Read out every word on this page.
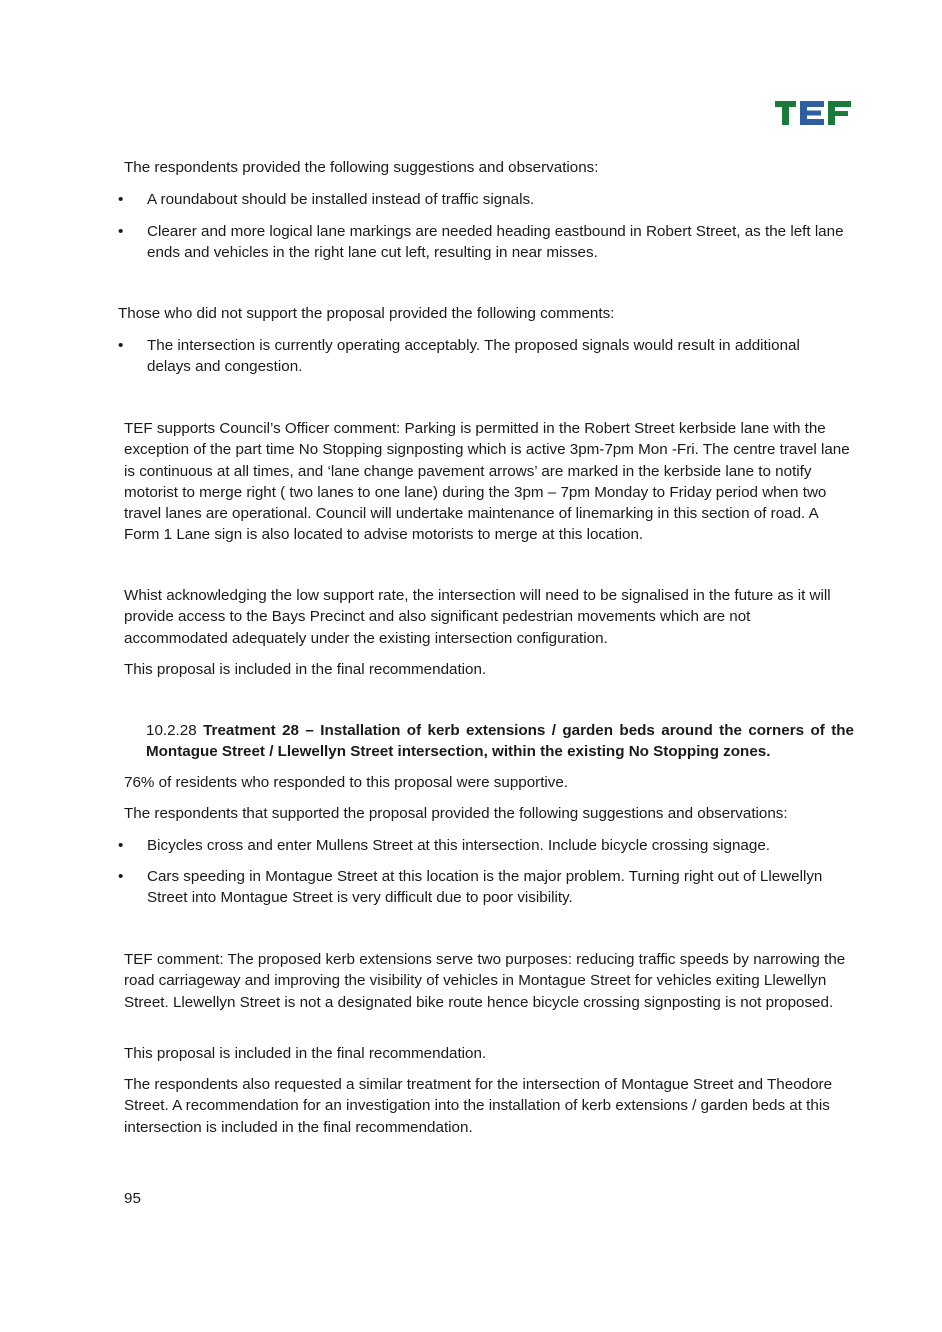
The respondents provided the following suggestions and observations:

•	A roundabout should be installed instead of traffic signals.
•	Clearer and more logical lane markings are needed heading eastbound in Robert Street, as the left lane ends and vehicles in the right lane cut left, resulting in near misses.

Those who did not support the proposal provided the following comments:

•	The intersection is currently operating acceptably. The proposed signals would result in additional delays and congestion.

TEF supports Council’s Officer comment: Parking is permitted in the Robert Street kerbside lane with the exception of the part time No Stopping signposting which is active 3pm-7pm Mon -Fri. The centre travel lane is continuous at all times, and ‘lane change pavement arrows’ are marked in the kerbside lane to notify motorist to merge right ( two lanes to one lane) during the 3pm – 7pm Monday to Friday period when two travel lanes are operational. Council will undertake maintenance of linemarking in this section of road. A Form 1 Lane sign is also located to advise motorists to merge at this location.

Whist acknowledging the low support rate, the intersection will need to be signalised in the future as it will provide access to the Bays Precinct and also significant pedestrian movements which are not accommodated adequately under the existing intersection configuration.

This proposal is included in the final recommendation.

10.2.28 Treatment 28 – Installation of kerb extensions / garden beds around the corners of the Montague Street / Llewellyn Street intersection, within the existing No Stopping zones.

76% of residents who responded to this proposal were supportive.

The respondents that supported the proposal provided the following suggestions and observations:

•	Bicycles cross and enter Mullens Street at this intersection. Include bicycle crossing signage.
•	Cars speeding in Montague Street at this location is the major problem. Turning right out of Llewellyn Street into Montague Street is very difficult due to poor visibility.

TEF comment: The proposed kerb extensions serve two purposes: reducing traffic speeds by narrowing the road carriageway and improving the visibility of vehicles in Montague Street for vehicles exiting Llewellyn Street. Llewellyn Street is not a designated bike route hence bicycle crossing signposting is not proposed.

This proposal is included in the final recommendation.

The respondents also requested a similar treatment for the intersection of Montague Street and Theodore Street. A recommendation for an investigation into the installation of kerb extensions / garden beds at this intersection is included in the final recommendation.

95
